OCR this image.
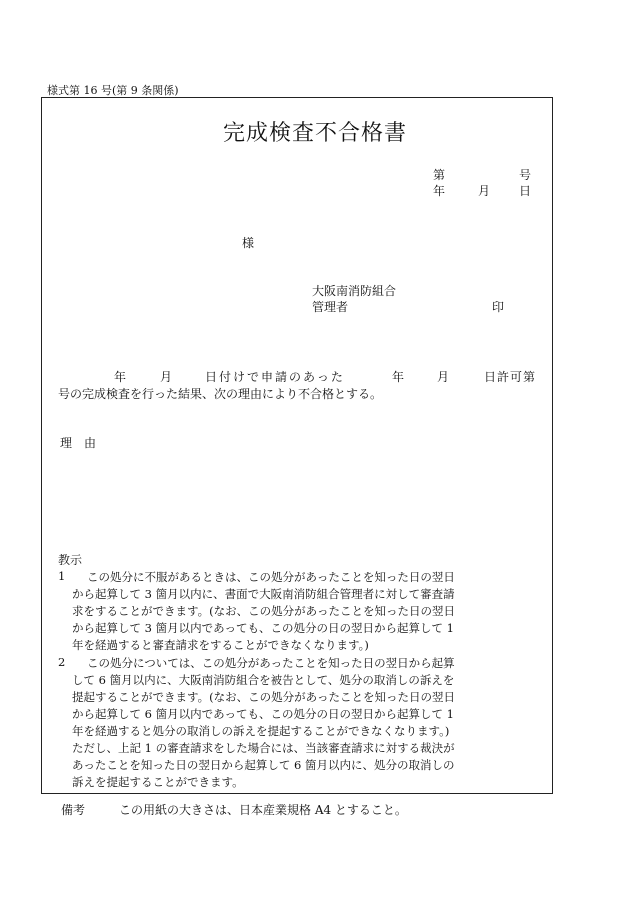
様式第 16 号(第 9 条関係)
完成検査不合格書
第	号
年	月 日
様
大阪南消防組合
管理者	印
年	月	日付けで申請のあった	年	月	日許可第
号の完成検査を行った結果、次の理由により不合格とする。
理　由
教示
1 この処分に不服があるときは、この処分があったことを知った日の翌日
から起算して 3 箇月以内に、書面で大阪南消防組合管理者に対して審査請
求をすることができます。(なお、この処分があったことを知った日の翌日
から起算して 3 箇月以内であっても、この処分の日の翌日から起算して 1
年を経過すると審査請求をすることができなくなります。)
2 この処分については、この処分があったことを知った日の翌日から起算
して 6 箇月以内に、大阪南消防組合を被告として、処分の取消しの訴えを
提起することができます。(なお、この処分があったことを知った日の翌日
から起算して 6 箇月以内であっても、この処分の日の翌日から起算して 1
年を経過すると処分の取消しの訴えを提起することができなくなります。)
ただし、上記 1 の審査請求をした場合には、当該審査請求に対する裁決が
あったことを知った日の翌日から起算して 6 箇月以内に、処分の取消しの
訴えを提起することができます。
備考	この用紙の大きさは、日本産業規格 A4 とすること。
